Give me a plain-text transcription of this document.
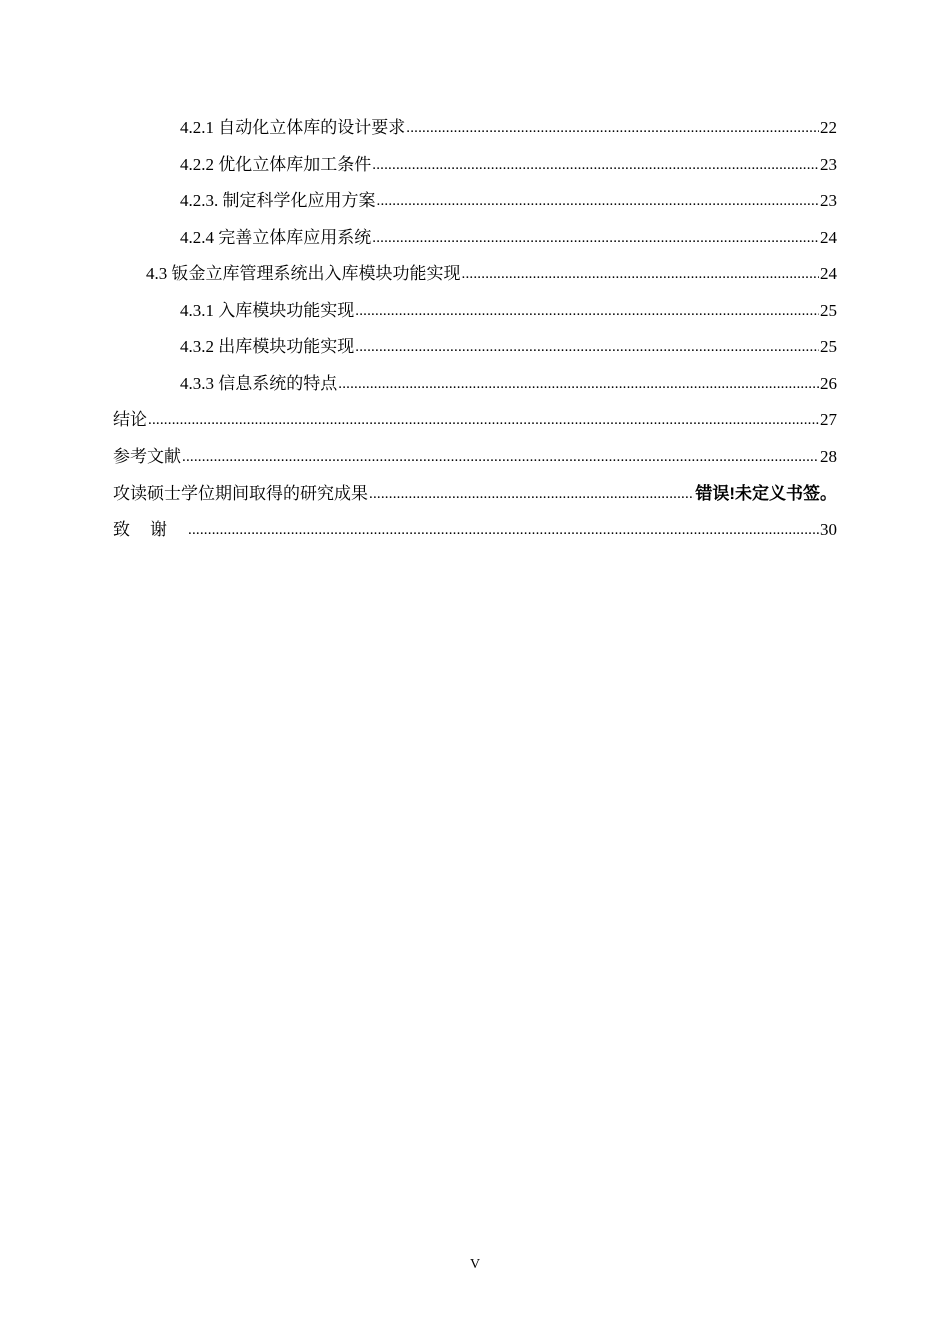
4.2.1 自动化立体库的设计要求 .....	22
4.2.2 优化立体库加工条件 .....	23
4.2.3. 制定科学化应用方案 .....	23
4.2.4 完善立体库应用系统 .....	24
4.3 钣金立库管理系统出入库模块功能实现 .....	24
4.3.1 入库模块功能实现 .....	25
4.3.2 出库模块功能实现 .....	25
4.3.3 信息系统的特点 .....	26
结论 .....	27
参考文献 .....	28
攻读硕士学位期间取得的研究成果 .....	错误!未定义书签。
致谢 .....	30
V
